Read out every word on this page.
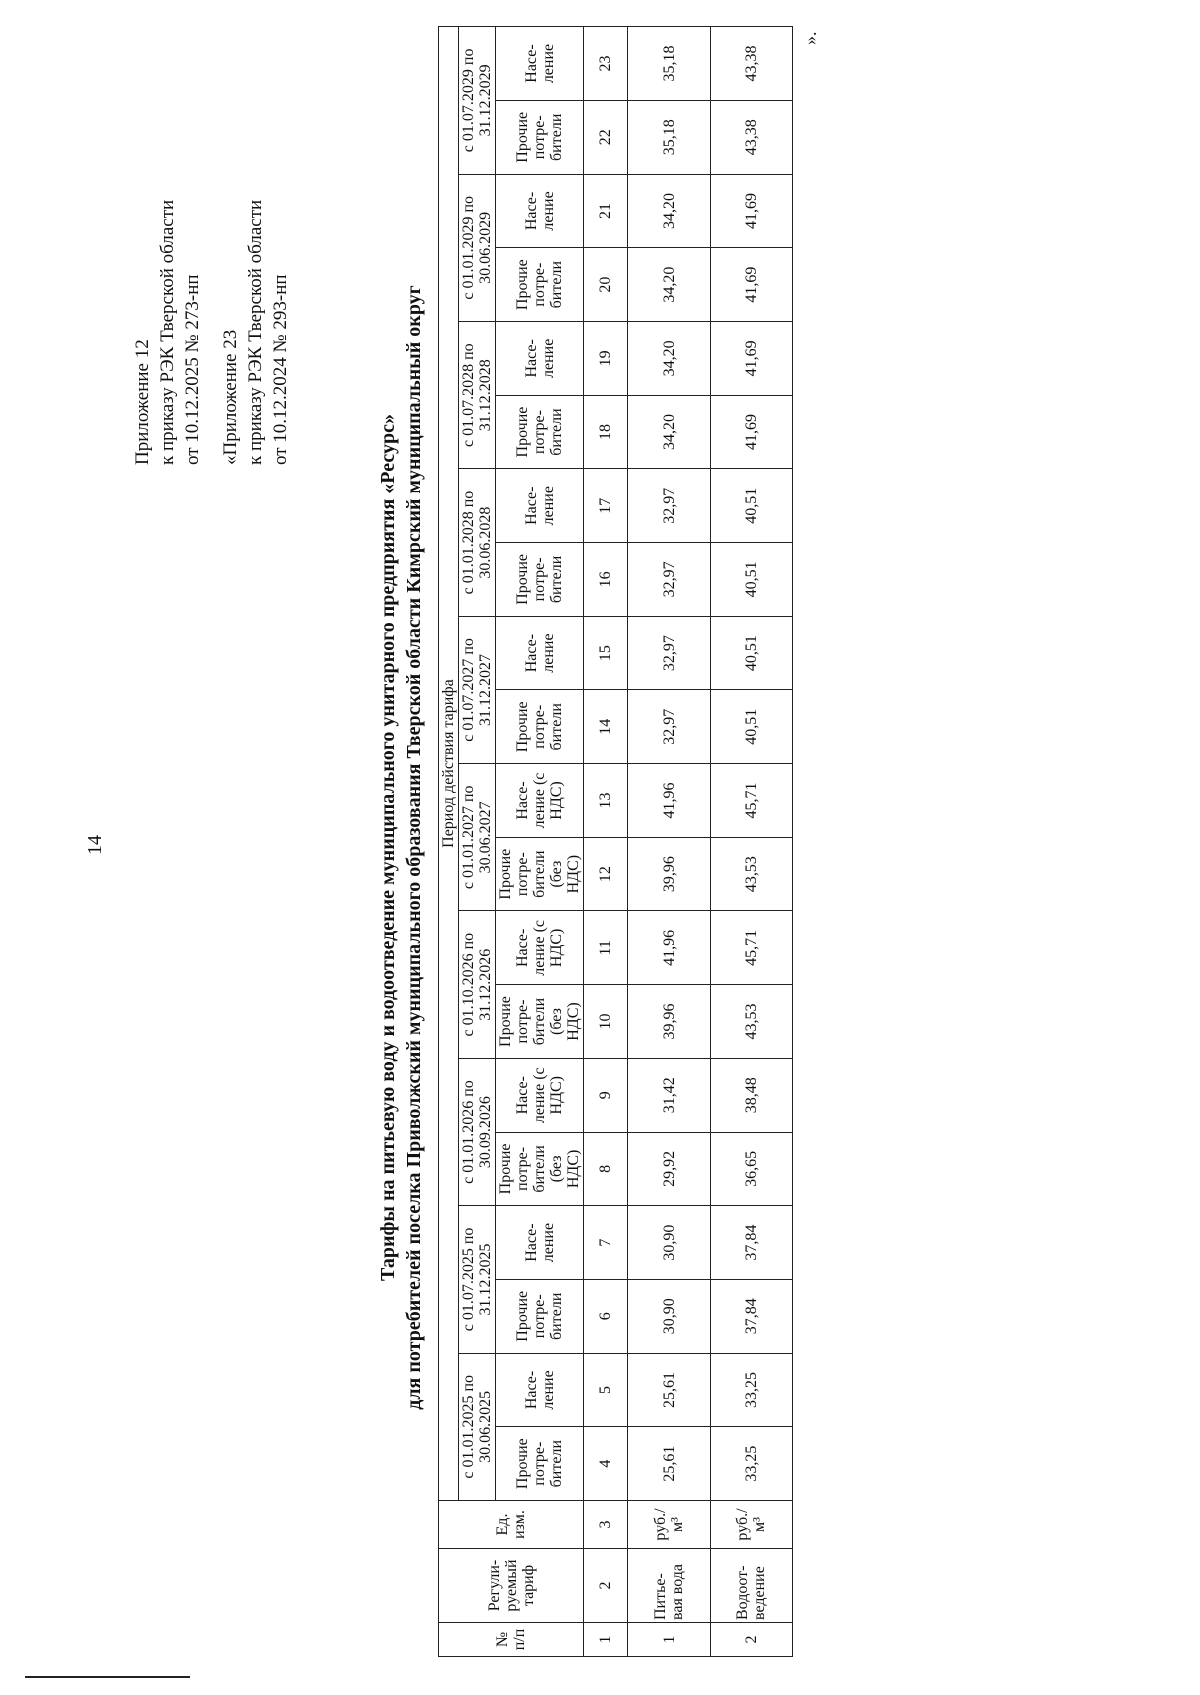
14
Приложение 12 к приказу РЭК Тверской области от 10.12.2025 № 273-нп «Приложение 23 к приказу РЭК Тверской области от 10.12.2024 № 293-нп
Тарифы на питьевую воду и водоотведение муниципального унитарного предприятия «Ресурс» для потребителей поселка Приволжский муниципального образования Тверской области Кимрский муниципальный округ
№ п/п	Регули- руемый тариф	Ед. изм.	Период действия тарифа																			
			с 01.01.2025 по 30.06.2025		с 01.07.2025 по 31.12.2025		с 01.01.2026 по 30.09.2026		с 01.10.2026 по 31.12.2026		с 01.01.2027 по 30.06.2027		с 01.07.2027 по 31.12.2027		с 01.01.2028 по 30.06.2028		с 01.07.2028 по 31.12.2028		с 01.01.2029 по 30.06.2029		с 01.07.2029 по 31.12.2029	
			Прочие потре- бители	Насе- ление	Прочие потре- бители	Насе- ление	Прочие потре- бители (без НДС)	Насе- ление (с НДС)	Прочие потре- бители (без НДС)	Насе- ление (с НДС)	Прочие потре- бители (без НДС)	Насе- ление (с НДС)	Прочие потре- бители	Насе- ление	Прочие потре- бители	Насе- ление	Прочие потре- бители	Насе- ление	Прочие потре- бители	Насе- ление	Прочие потре- бители	Насе- ление
1	2	3	4	5	6	7	8	9	10	11	12	13	14	15	16	17	18	19	20	21	22	23
1	Питье- вая вода	руб./ м³	25,61	25,61	30,90	30,90	29,92	31,42	39,96	41,96	39,96	41,96	32,97	32,97	32,97	32,97	34,20	34,20	34,20	34,20	35,18	35,18
2	Водоот- ведение	руб./ м³	33,25	33,25	37,84	37,84	36,65	38,48	43,53	45,71	43,53	45,71	40,51	40,51	40,51	40,51	41,69	41,69	41,69	41,69	43,38	43,38
».
